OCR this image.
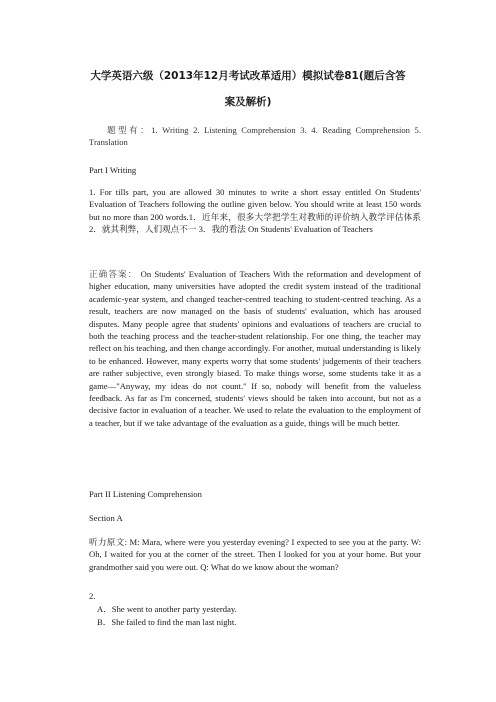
大学英语六级（2013年12月考试改革适用）模拟试卷81(题后含答
案及解析)

题型有：1. Writing 2. Listening Comprehension 3. 4. Reading Comprehension 5. Translation

Part I Writing

1. For tills part, you are allowed 30 minutes to write a short essay entitled On Students' Evaluation of Teachers following the outline given below. You should write at least 150 words but no more than 200 words.1．近年来，很多大学把学生对教师的评价纳入教学评估体系 2．就其利弊，人们观点不一 3．我的看法 On Students' Evaluation of Teachers

正确答案： On Students' Evaluation of Teachers With the reformation and development of higher education, many universities have adopted the credit system instead of the traditional academic-year system, and changed teacher-centred teaching to student-centred teaching. As a result, teachers are now managed on the basis of students' evaluation, which has aroused disputes. Many people agree that students' opinions and evaluations of teachers are crucial to both the teaching process and the teacher-student relationship. For one thing, the teacher may reflect on his teaching, and then change accordingly. For another, mutual understanding is likely to be enhanced. However, many experts worry that some students' judgements of their teachers are rather subjective, even strongly biased. To make things worse, some students take it as a game—"Anyway, my ideas do not count." If so, nobody will benefit from the valueless feedback. As far as I'm concerned, students' views should be taken into account, but not as a decisive factor in evaluation of a teacher. We used to relate the evaluation to the employment of a teacher, but if we take advantage of the evaluation as a guide, things will be much better.

Part II Listening Comprehension

Section A

听力原文: M: Mara, where were you yesterday evening? I expected to see you at the party. W: Oh, I waited for you at the corner of the street. Then I looked for you at your home. But your grandmother said you were out. Q: What do we know about the woman?

2.
A．She went to another party yesterday.
B．She failed to find the man last night.
